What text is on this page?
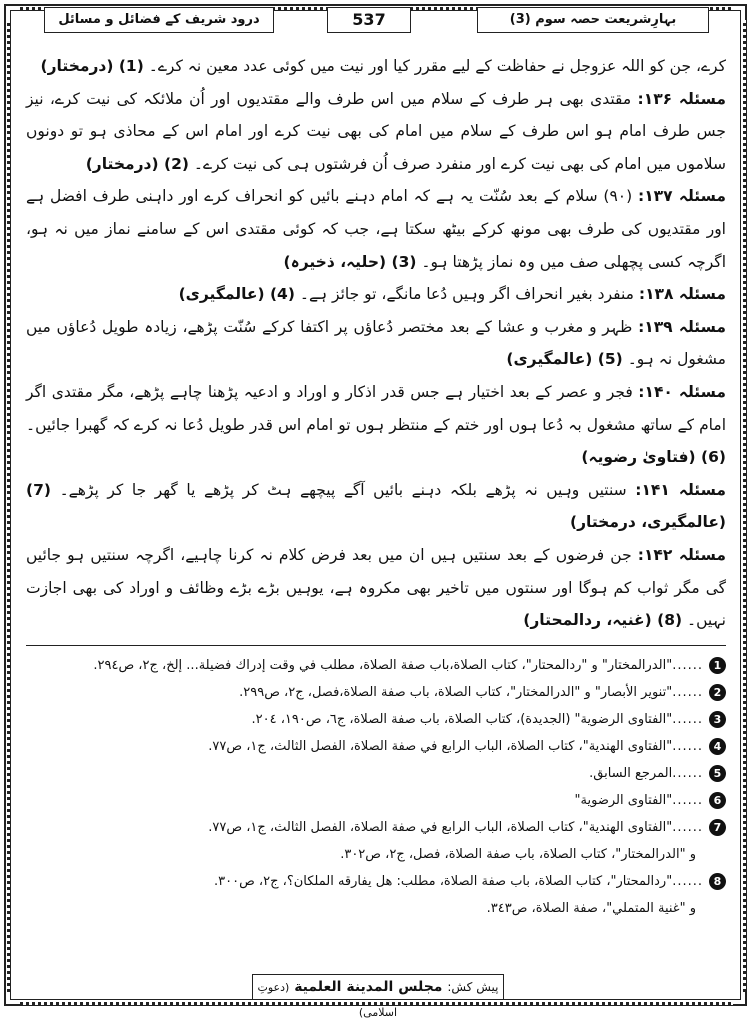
بہارِشریعت حصہ سوم (3)
537
درود شریف کے فضائل و مسائل

کرے، جن کو اللہ عزوجل نے حفاظت کے لیے مقرر کیا اور نیت میں کوئی عدد معین نہ کرے۔ (1) (درمختار)

مسئلہ ۱۳۶: مقتدی بھی ہر طرف کے سلام میں اس طرف والے مقتدیوں اور اُن ملائکہ کی نیت کرے، نیز جس طرف امام ہو اس طرف کے سلام میں امام کی بھی نیت کرے اور امام اس کے محاذی ہو تو دونوں سلاموں میں امام کی بھی نیت کرے اور منفرد صرف اُن فرشتوں ہی کی نیت کرے۔ (2) (درمختار)

مسئلہ ۱۳۷: (۹۰) سلام کے بعد سُنّت یہ ہے کہ امام دہنے بائیں کو انحراف کرے اور داہنی طرف افضل ہے اور مقتدیوں کی طرف بھی مونھ کرکے بیٹھ سکتا ہے، جب کہ کوئی مقتدی اس کے سامنے نماز میں نہ ہو، اگرچہ کسی پچھلی صف میں وہ نماز پڑھتا ہو۔ (3) (حلیہ، ذخیرہ)

مسئلہ ۱۳۸: منفرد بغیر انحراف اگر وہیں دُعا مانگے، تو جائز ہے۔ (4) (عالمگیری)

مسئلہ ۱۳۹: ظہر و مغرب و عشا کے بعد مختصر دُعاؤں پر اکتفا کرکے سُنّت پڑھے، زیادہ طویل دُعاؤں میں مشغول نہ ہو۔ (5) (عالمگیری)

مسئلہ ۱۴۰: فجر و عصر کے بعد اختیار ہے جس قدر اذکار و اوراد و ادعیہ پڑھنا چاہے پڑھے، مگر مقتدی اگر امام کے ساتھ مشغول بہ دُعا ہوں اور ختم کے منتظر ہوں تو امام اس قدر طویل دُعا نہ کرے کہ گھبرا جائیں۔ (6) (فتاویٰ رضویہ)

مسئلہ ۱۴۱: سنتیں وہیں نہ پڑھے بلکہ دہنے بائیں آگے پیچھے ہٹ کر پڑھے یا گھر جا کر پڑھے۔ (7) (عالمگیری، درمختار)

مسئلہ ۱۴۲: جن فرضوں کے بعد سنتیں ہیں ان میں بعد فرض کلام نہ کرنا چاہیے، اگرچہ سنتیں ہو جائیں گی مگر ثواب کم ہوگا اور سنتوں میں تاخیر بھی مکروہ ہے، یوہیں بڑے بڑے وظائف و اوراد کی بھی اجازت نہیں۔ (8) (غنیہ، ردالمحتار)

1
......
"الدرالمختار" و "ردالمحتار"، كتاب الصلاة،باب صفة الصلاة، مطلب في وقت إدراك فضيلة... إلخ، ج٢، ص٢٩٤.
2
......
"تنوير الأبصار" و "الدرالمختار"، كتاب الصلاة، باب صفة الصلاة،فصل، ج٢، ص٢٩٩.
3
......
"الفتاوى الرضوية" (الجديدة)، كتاب الصلاة، باب صفة الصلاة، ج٦، ص١٩٠، ٢٠٤.
4
......
"الفتاوى الهندية"، كتاب الصلاة، الباب الرابع في صفة الصلاة، الفصل الثالث، ج١، ص٧٧.
5
......
المرجع السابق.
6
......
"الفتاوى الرضوية"
7
......
"الفتاوى الهندية"، كتاب الصلاة، الباب الرابع في صفة الصلاة، الفصل الثالث، ج١، ص٧٧.
و "الدرالمختار"، كتاب الصلاة، باب صفة الصلاة، فصل، ج٢، ص٣٠٢.
8
......
"ردالمحتار"، كتاب الصلاة، باب صفة الصلاة، مطلب: هل يفارقه الملكان؟، ج٢، ص٣٠٠.
و "غنية المتملي"، صفة الصلاة، ص٣٤٣.
پیش کش: مجلس المدینة العلمیة (دعوتِ اسلامی)
